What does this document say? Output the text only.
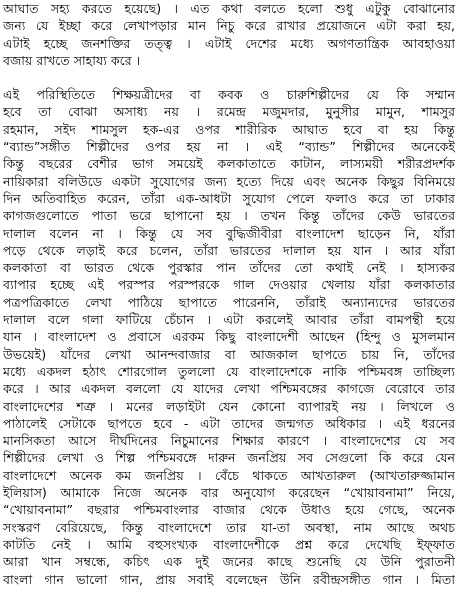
আঘাত সহ্য করতে হয়েছে) । এত কথা বলতে হলো শুধু এটুকু বোঝানোর
জন্য যে ইচ্ছা করে লেখাপড়ার মান নিচু করে রাখার প্রয়োজনে এটা করা হয়,
এটাই হচ্ছে জনশক্তির তত্ত্ব । এটাই দেশের মধ্যে অগণতান্ত্রিক আবহাওয়া
বজায় রাখতে সাহায্য করে ।
এই পরিস্থিতিতে শিক্ষয়ত্রীদের বা কবক ও চারুশিল্পীদের যে কি সম্মান
হবে তা বোঝা অসাধ্য নয় । রমেন্দ্র মজুমদার, মুনুসীর মামুন, শামসুর
রহমান, সইদ শামসুল হক-এর ওপর শারীরিক আঘাত হবে বা হয় কিন্তু
“ব্যান্ড”সঙ্গীত শিল্পীদের ওপর হয় না । এই “ব্যান্ড” শিল্পীদের অনেকেই
কিন্তু বছরের বেশীর ভাগ সময়েই কলকাতাতে কাটান, লাস্যময়ী শরীরপ্রদর্শক
নায়িকারা বলিউডে একটা সুযোগের জন্য হত্যে দিয়ে এবং অনেক কিছুর বিনিময়ে
দিন অতিবাহিত করেন, তাঁরা এক-আধটা সুযোগ পেলে ফলাও করে তা ঢাকার
কাগজগুলোতে পাতা ভরে ছাপানো হয় । তখন কিন্তু তাঁদের কেউ ভারতের
দালাল বলেন না । কিন্তু যে সব বুদ্ধিজীবীরা বাংলাদেশ ছাড়েন নি, যাঁরা
পড়ে থেকে লড়াই করে চলেন, তাঁরা ভারতের দালাল হয় যান । আর যাঁরা
কলকাতা বা ভারত থেকে পুরস্কার পান তাঁদের তো কথাই নেই । হাস্যকর
ব্যাপার হচ্ছে এই পরস্পর পরস্পরকে গাল দেওয়ার খেলায় যাঁরা কলকাতার
পত্রপত্রিকাতে লেখা পাঠিয়ে ছাপাতে পারেননি, তাঁরাই অন্যান্যদের ভারতের
দালাল বলে গলা ফাটিয়ে চেঁচান । এটা করলেই আবার তাঁরা বামপন্থী হয়ে
যান । বাংলাদেশ ও প্রবাসে এরকম কিছু বাংলাদেশী আছেন (হিন্দু ও মুসলমান
উভয়েই) যাঁদের লেখা আনন্দবাজার বা আজকাল ছাপতে চায় নি, তাঁদের
মধ্যে একদল হঠাৎ শোরগোল তুললো যে বাংলাদেশকে নাকি পশ্চিমবঙ্গ তাচ্ছিল্য
করে । আর একদল বললো যে যাদের লেখা পশ্চিমবঙ্গের কাগজে বেরোবে তার
বাংলাদেশের শত্রু । মনের লড়াইটা যেন কোনো ব্যাপারই নয় । লিখলে ও
পাঠালেই সেটাকে ছাপতে হবে - এটা তাদের জন্মগত অধিকার । এই ধরনের
মানসিকতা আসে দীর্ঘদিনের নিচুমানের শিক্ষার কারণে । বাংলাদেশের যে সব
শিল্পীদের লেখা ও শিল্প পশ্চিমবঙ্গে দারুন জনপ্রিয় সব সেগুলো কি করে যেন
বাংলাদেশে অনেক কম জনপ্রিয় । বেঁচে থাকতে আখতারুল (আখতারুজ্জামান
ইলিয়াস) আমাকে নিজে অনেক বার অনুযোগ করেছেন “খোয়াবনামা” নিয়ে,
“খোয়াবনামা” বছরার পশ্চিমবাংলার বাজার থেকে উধাও হয়ে গেছে, অনেক
সংস্করণ বেরিয়েছে, কিন্তু বাংলাদেশে তার যা-তা অবস্থা, নাম আছে অথচ
কাটতি নেই । আমি বহুসংখ্যক বাংলাদেশীকে প্রশ্ন করে দেখেছি ইফ্ফাত
আরা খান সম্বন্ধে, কচিৎ এক দুই জনের কাছে শুনেছি যে উনি পুরাতনী
বাংলা গান ভালো গান, প্রায় সবাই বলেছেন উনি রবীন্দ্রসঙ্গীত গান । মিতা
